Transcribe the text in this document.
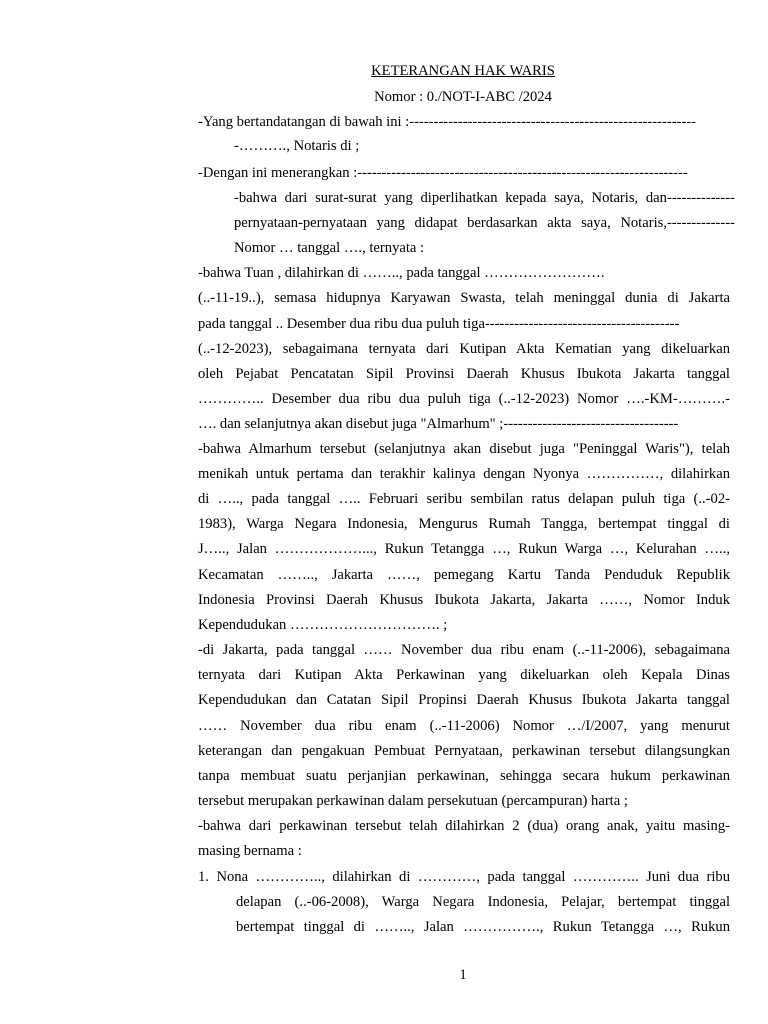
KETERANGAN HAK WARIS
Nomor : 0./NOT-I-ABC /2024
-Yang bertandatangan di bawah ini :-----------------------------------------------------------
-………., Notaris di ;
-Dengan ini menerangkan :--------------------------------------------------------------------
-bahwa dari surat-surat yang diperlihatkan kepada saya, Notaris, dan--------------
pernyataan-pernyataan yang didapat berdasarkan akta saya, Notaris,--------------
Nomor … tanggal …., ternyata :
-bahwa Tuan , dilahirkan di …….., pada tanggal …………………….
(..-11-19..), semasa hidupnya Karyawan Swasta, telah meninggal dunia di Jakarta
pada tanggal .. Desember dua ribu dua puluh tiga----------------------------------------
(..-12-2023), sebagaimana ternyata dari Kutipan Akta Kematian yang dikeluarkan
oleh Pejabat Pencatatan Sipil Provinsi Daerah Khusus Ibukota Jakarta tanggal
………….. Desember dua ribu dua puluh tiga (..-12-2023) Nomor ….-KM-……….-
…. dan selanjutnya akan disebut juga "Almarhum" ;------------------------------------
-bahwa Almarhum tersebut (selanjutnya akan disebut juga "Peninggal Waris"), telah
menikah untuk pertama dan terakhir kalinya dengan Nyonya ……………, dilahirkan
di ….., pada tanggal ….. Februari seribu sembilan ratus delapan puluh tiga (..-02-
1983), Warga Negara Indonesia, Mengurus Rumah Tangga, bertempat tinggal di
J….., Jalan ………………..., Rukun Tetangga …, Rukun Warga …, Kelurahan …..,
Kecamatan …….., Jakarta ……, pemegang Kartu Tanda Penduduk Republik
Indonesia Provinsi Daerah Khusus Ibukota Jakarta, Jakarta ……, Nomor Induk
Kependudukan …………………………. ;
-di Jakarta, pada tanggal …… November dua ribu enam (..-11-2006), sebagaimana
ternyata dari Kutipan Akta Perkawinan yang dikeluarkan oleh Kepala Dinas
Kependudukan dan Catatan Sipil Propinsi Daerah Khusus Ibukota Jakarta tanggal
…… November dua ribu enam (..-11-2006) Nomor …/I/2007, yang menurut
keterangan dan pengakuan Pembuat Pernyataan, perkawinan tersebut dilangsungkan
tanpa membuat suatu perjanjian perkawinan, sehingga secara hukum perkawinan
tersebut merupakan perkawinan dalam persekutuan (percampuran) harta ;
-bahwa dari perkawinan tersebut telah dilahirkan 2 (dua) orang anak, yaitu masing-
masing bernama :
1. Nona ………….., dilahirkan di …………, pada tanggal ………….. Juni dua ribu
delapan (..-06-2008), Warga Negara Indonesia, Pelajar, bertempat tinggal
bertempat tinggal di …….., Jalan ……………., Rukun Tetangga …, Rukun
1
